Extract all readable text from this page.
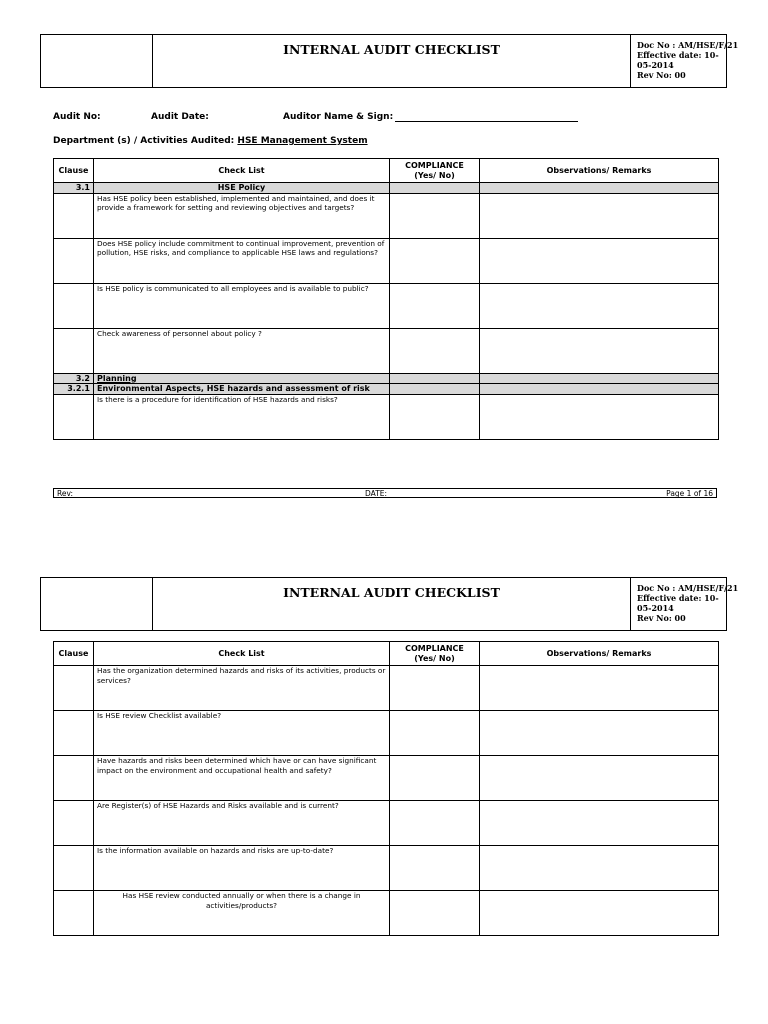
INTERNAL AUDIT CHECKLIST	Doc No : AM/HSE/F/21
Effective date: 10-05-2014
Rev No: 00
Audit No:	Audit Date:	Auditor Name & Sign:
Department (s) / Activities Audited: HSE Management System
Clause	Check List	COMPLIANCE (Yes/ No)	Observations/ Remarks
3.1	HSE Policy		
	Has HSE policy been established, implemented and maintained, and does it provide a framework for setting and reviewing objectives and targets?		
	Does HSE policy include commitment to continual improvement, prevention of pollution, HSE risks, and compliance to applicable HSE laws and regulations?		
	Is HSE policy is communicated to all employees and is available to public?		
	Check awareness of personnel about policy ?		
3.2	Planning		
3.2.1	Environmental Aspects, HSE hazards and assessment of risk		
	Is there is a procedure for identification of HSE hazards and risks?		
Rev:	DATE:	Page 1 of 16
INTERNAL AUDIT CHECKLIST	Doc No : AM/HSE/F/21
Effective date: 10-05-2014
Rev No: 00
Clause	Check List	COMPLIANCE (Yes/ No)	Observations/ Remarks
	Has the organization determined hazards and risks of its activities, products or services?		
	Is HSE review Checklist available?		
	Have hazards and risks been determined which have or can have significant impact on the environment and occupational health and safety?		
	Are Register(s) of HSE Hazards and Risks available and is current?		
	Is the information available on hazards and risks are up-to-date?		
	Has HSE review conducted annually or when there is a change in activities/products?		
